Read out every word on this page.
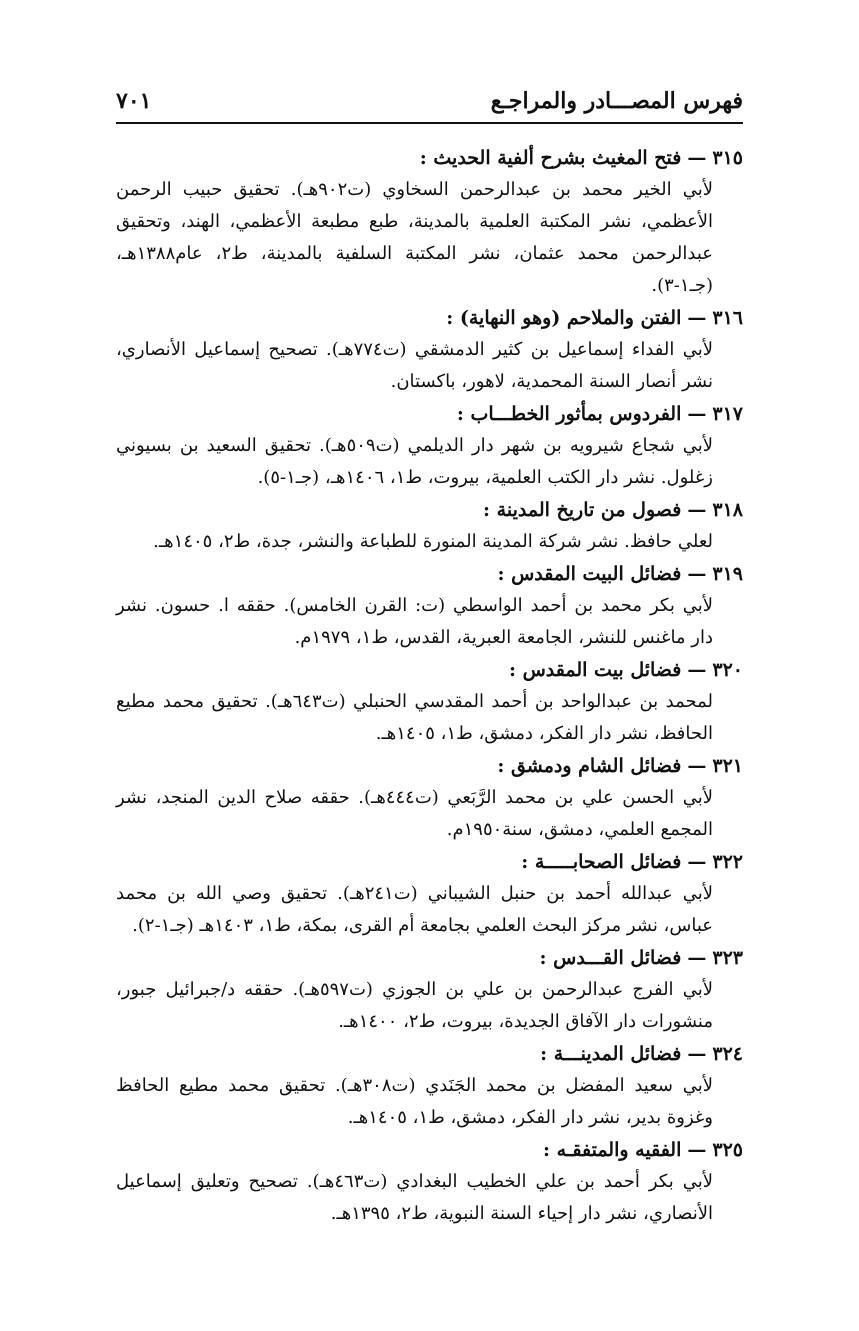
فهرس المصـــادر والمراجـع
٧٠١
٣١٥—فتح المغيث بشرح ألفية الحديث :
لأبي الخير محمد بن عبدالرحمن السخاوي (ت٩٠٢هـ). تحقيق حبيب الرحمن الأعظمي، نشر المكتبة العلمية بالمدينة، طبع مطبعة الأعظمي، الهند، وتحقيق عبدالرحمن محمد عثمان، نشر المكتبة السلفية بالمدينة، ط٢، عام١٣٨٨هـ، (جـ١-٣).
٣١٦—الفتن والملاحم (وهو النهاية) :
لأبي الفداء إسماعيل بن كثير الدمشقي (ت٧٧٤هـ). تصحيح إسماعيل الأنصاري، نشر أنصار السنة المحمدية، لاهور، باكستان.
٣١٧—الفردوس بمأثور الخطـــاب :
لأبي شجاع شيرويه بن شهر دار الديلمي (ت٥٠٩هـ). تحقيق السعيد بن بسيوني زغلول. نشر دار الكتب العلمية، بيروت، ط١، ١٤٠٦هـ، (جـ١-٥).
٣١٨—فصول من تاريخ المدينة :
لعلي حافظ. نشر شركة المدينة المنورة للطباعة والنشر، جدة، ط٢، ١٤٠٥هـ.
٣١٩—فضائل البيت المقدس :
لأبي بكر محمد بن أحمد الواسطي (ت: القرن الخامس). حققه ا. حسون. نشر دار ماغنس للنشر، الجامعة العبرية، القدس، ط١، ١٩٧٩م.
٣٢٠—فضائل بيت المقدس :
لمحمد بن عبدالواحد بن أحمد المقدسي الحنبلي (ت٦٤٣هـ). تحقيق محمد مطيع الحافظ، نشر دار الفكر، دمشق، ط١، ١٤٠٥هـ.
٣٢١—فضائل الشام ودمشق :
لأبي الحسن علي بن محمد الرَّبَعي (ت٤٤٤هـ). حققه صلاح الدين المنجد، نشر المجمع العلمي، دمشق، سنة١٩٥٠م.
٣٢٢—فضائل الصحابـــــة :
لأبي عبدالله أحمد بن حنبل الشيباني (ت٢٤١هـ). تحقيق وصي الله بن محمد عباس، نشر مركز البحث العلمي بجامعة أم القرى، بمكة، ط١، ١٤٠٣هـ (جـ١-٢).
٣٢٣—فضائل القـــدس :
لأبي الفرج عبدالرحمن بن علي بن الجوزي (ت٥٩٧هـ). حققه د/جبرائيل جبور، منشورات دار الآفاق الجديدة، بيروت، ط٢، ١٤٠٠هـ.
٣٢٤—فضائل المدينـــة :
لأبي سعيد المفضل بن محمد الجَنَدي (ت٣٠٨هـ). تحقيق محمد مطيع الحافظ وغزوة بدير، نشر دار الفكر، دمشق، ط١، ١٤٠٥هـ.
٣٢٥—الفقيه والمتفقـه :
لأبي بكر أحمد بن علي الخطيب البغدادي (ت٤٦٣هـ). تصحيح وتعليق إسماعيل الأنصاري، نشر دار إحياء السنة النبوية، ط٢، ١٣٩٥هـ.
